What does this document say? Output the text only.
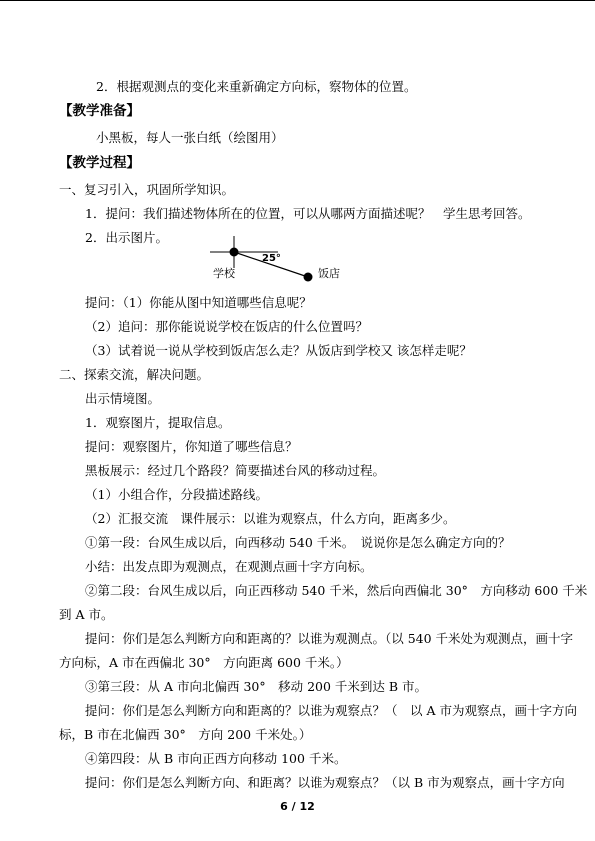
2．根据观测点的变化来重新确定方向标，察物体的位置。
【教学准备】
小黑板，每人一张白纸（绘图用）
【教学过程】
一、复习引入，巩固所学知识。
1．提问：我们描述物体所在的位置，可以从哪两方面描述呢？　学生思考回答。
2．出示图片。
学校
25°
饭店
提问：（1）你能从图中知道哪些信息呢？
（2）追问：那你能说说学校在饭店的什么位置吗？
（3）试着说一说从学校到饭店怎么走？从饭店到学校又 该怎样走呢？
二、探索交流，解决问题。
出示情境图。
1．观察图片，提取信息。
提问：观察图片，你知道了哪些信息？
黑板展示：经过几个路段？简要描述台风的移动过程。
（1）小组合作，分段描述路线。
（2）汇报交流　课件展示：以谁为观察点，什么方向，距离多少。
①第一段：台风生成以后，向西移动 540 千米。　说说你是怎么确定方向的？
小结：出发点即为观测点，在观测点画十字方向标。
②第二段：台风生成以后，向正西移动 540 千米，然后向西偏北 30°　方向移动 600 千米
到 A 市。
提问：你们是怎么判断方向和距离的？以谁为观测点。（以 540 千米处为观测点，画十字
方向标，A 市在西偏北 30°　方向距离 600 千米。）
③第三段：从 A 市向北偏西 30°　移动 200 千米到达 B 市。
提问：你们是怎么判断方向和距离的？以谁为观察点？（　以 A 市为观察点，画十字方向
标，B 市在北偏西 30°　方向 200 千米处。）
④第四段：从 B 市向正西方向移动 100 千米。
提问：你们是怎么判断方向、和距离？以谁为观察点？（以 B 市为观察点，画十字方向
6 / 12
